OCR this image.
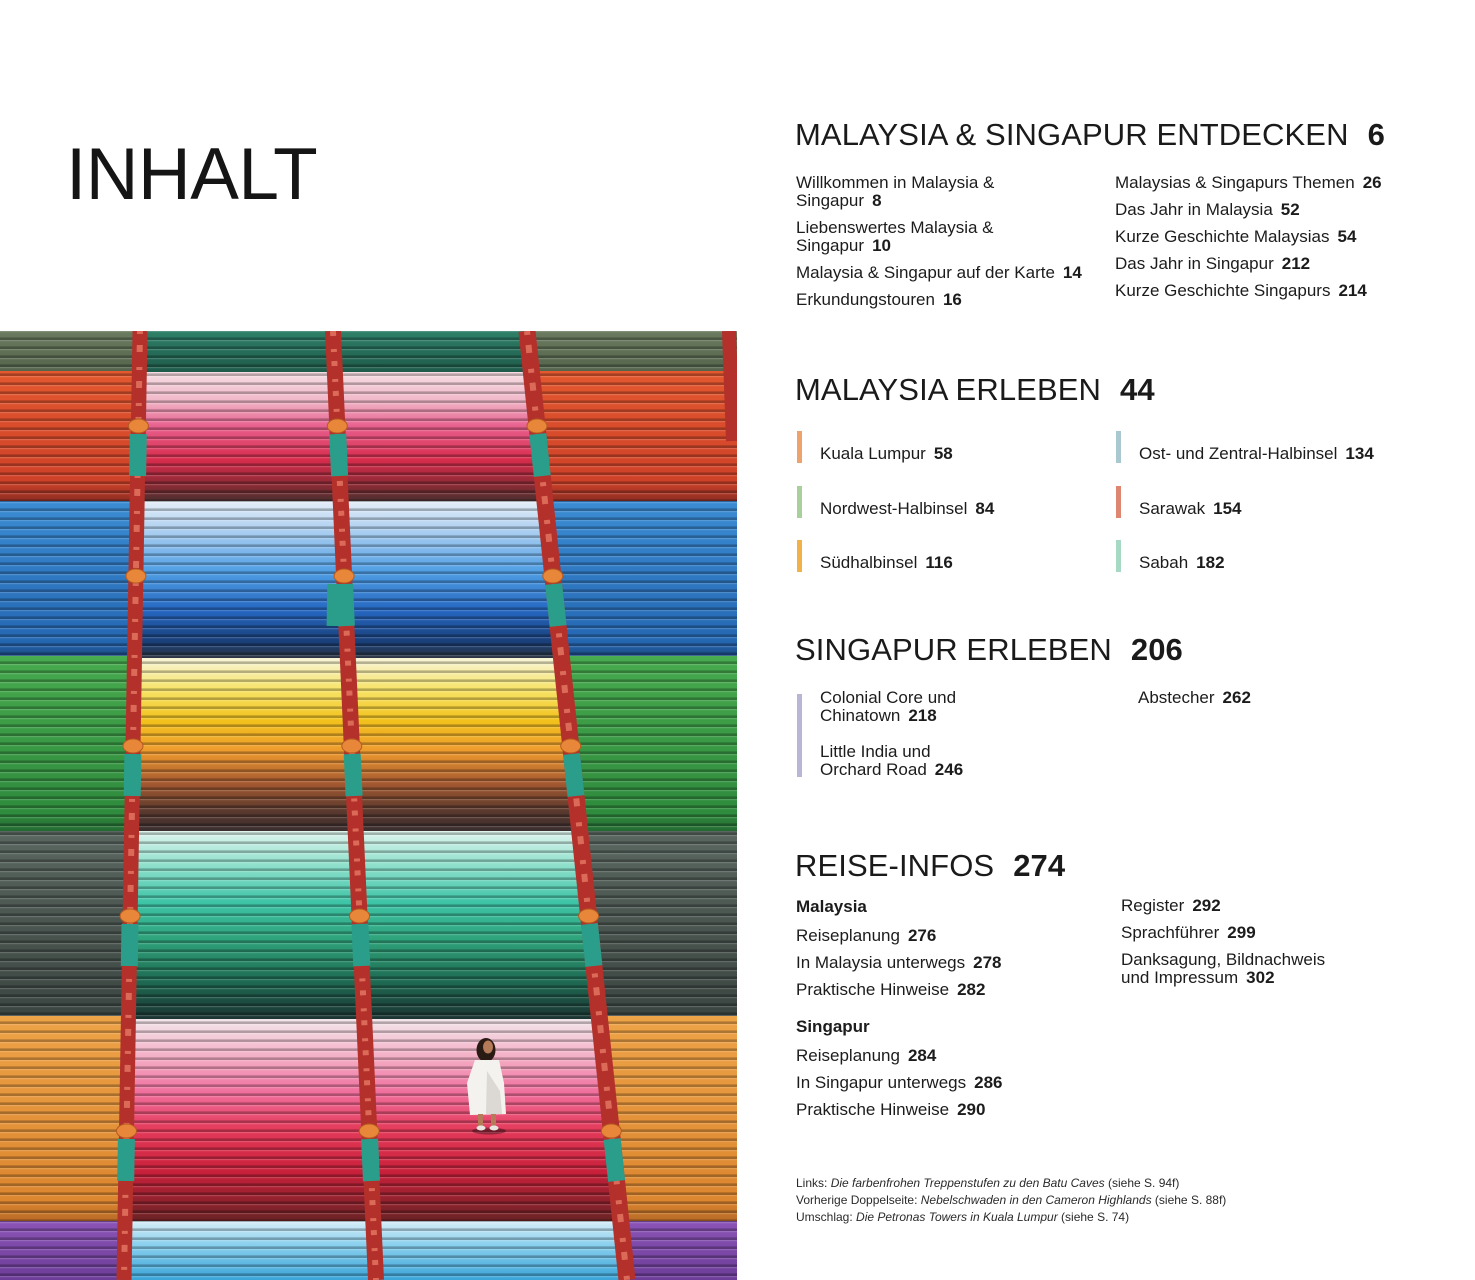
INHALT	MALAYSIA & SINGAPUR ENTDECKEN 6
Willkommen in Malaysia &
Singapur 8
Liebenswertes Malaysia &
Singapur 10
Malaysia & Singapur auf der Karte 14
Erkundungstouren 16
Malaysias & Singapurs Themen 26
Das Jahr in Malaysia 52
Kurze Geschichte Malaysias 54
Das Jahr in Singapur 212
Kurze Geschichte Singapurs 214
MALAYSIA ERLEBEN 44
Kuala Lumpur 58
Nordwest-Halbinsel 84
Südhalbinsel 116
Ost- und Zentral-Halbinsel 134
Sarawak 154
Sabah 182
SINGAPUR ERLEBEN 206
Colonial Core und
Chinatown 218
Little India und
Orchard Road 246
Abstecher 262
REISE-INFOS 274
Malaysia
Reiseplanung 276
In Malaysia unterwegs 278
Praktische Hinweise 282
Singapur
Reiseplanung 284
In Singapur unterwegs 286
Praktische Hinweise 290
Register 292
Sprachführer 299
Danksagung, Bildnachweis
und Impressum 302
Links: Die farbenfrohen Treppenstufen zu den Batu Caves (siehe S. 94f)
Vorherige Doppelseite: Nebelschwaden in den Cameron Highlands (siehe S. 88f)
Umschlag: Die Petronas Towers in Kuala Lumpur (siehe S. 74)
